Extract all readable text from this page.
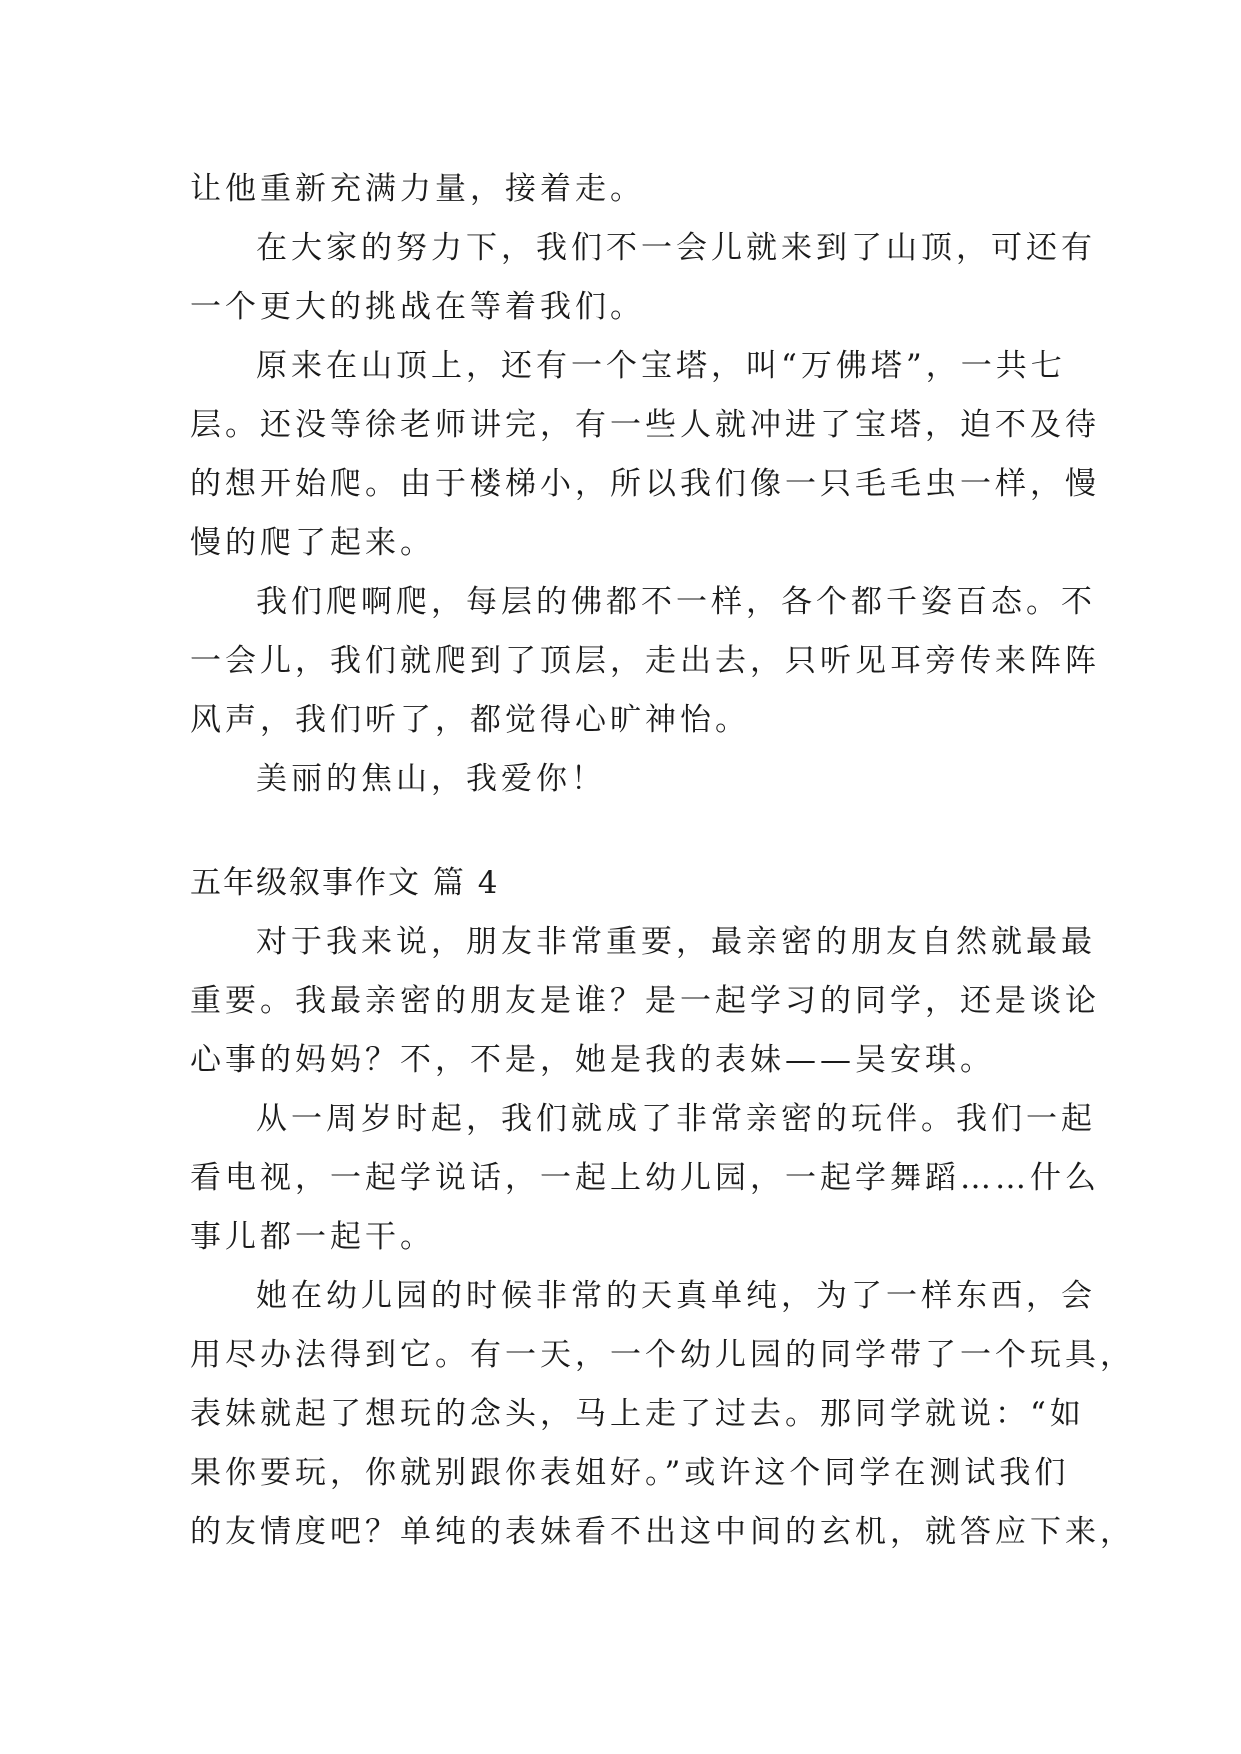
让他重新充满力量，接着走。
在大家的努力下，我们不一会儿就来到了山顶，可还有
一个更大的挑战在等着我们。
原来在山顶上，还有一个宝塔，叫“万佛塔”，一共七
层。还没等徐老师讲完，有一些人就冲进了宝塔，迫不及待
的想开始爬。由于楼梯小，所以我们像一只毛毛虫一样，慢
慢的爬了起来。
我们爬啊爬，每层的佛都不一样，各个都千姿百态。不
一会儿，我们就爬到了顶层，走出去，只听见耳旁传来阵阵
风声，我们听了，都觉得心旷神怡。
美丽的焦山，我爱你！
五年级叙事作文 篇 4
对于我来说，朋友非常重要，最亲密的朋友自然就最最
重要。我最亲密的朋友是谁？是一起学习的同学，还是谈论
心事的妈妈？不，不是，她是我的表妹——吴安琪。
从一周岁时起，我们就成了非常亲密的玩伴。我们一起
看电视，一起学说话，一起上幼儿园，一起学舞蹈……什么
事儿都一起干。
她在幼儿园的时候非常的天真单纯，为了一样东西，会
用尽办法得到它。有一天，一个幼儿园的同学带了一个玩具，
表妹就起了想玩的念头，马上走了过去。那同学就说：“如
果你要玩，你就别跟你表姐好。”或许这个同学在测试我们
的友情度吧？单纯的表妹看不出这中间的玄机，就答应下来，
